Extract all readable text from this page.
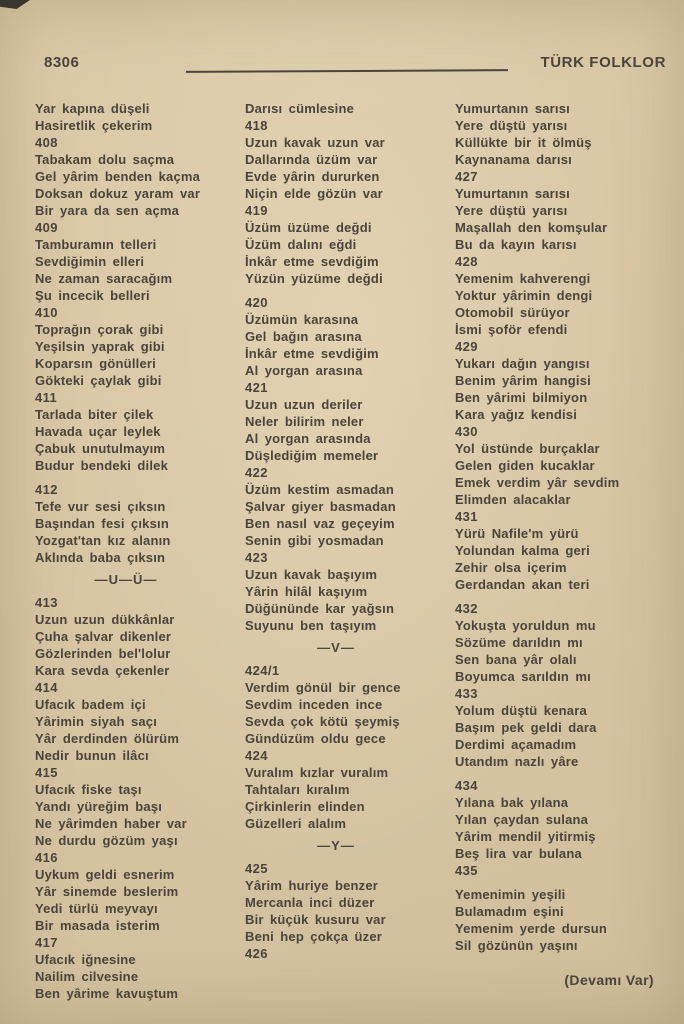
8306	TÜRK FOLKLOR
Yar kapına düşeli
Hasiretlik çekerim
408
Tabakam dolu saçma
Gel yârim benden kaçma
Doksan dokuz yaram var
Bir yara da sen açma
409
Tamburamın telleri
Sevdiğimin elleri
Ne zaman saracağım
Şu incecik belleri
410
Toprağın çorak gibi
Yeşilsin yaprak gibi
Koparsın gönülleri
Gökteki çaylak gibi
411
Tarlada biter çilek
Havada uçar leylek
Çabuk unutulmayım
Budur bendeki dilek
412
Tefe vur sesi çıksın
Başından fesi çıksın
Yozgat'tan kız alanın
Aklında baba çıksın
—U—Ü—
413
Uzun uzun dükkânlar
Çuha şalvar dikenler
Gözlerinden bel'lolur
Kara sevda çekenler
414
Ufacık badem içi
Yârimin siyah saçı
Yâr derdinden ölürüm
Nedir bunun ilâcı
415
Ufacık fiske taşı
Yandı yüreğim başı
Ne yârimden haber var
Ne durdu gözüm yaşı
416
Uykum geldi esnerim
Yâr sinemde beslerim
Yedi türlü meyvayı
Bir masada isterim
417
Ufacık iğnesine
Nailim cilvesine
Ben yârime kavuştum
Darısı cümlesine
418
Uzun kavak uzun var
Dallarında üzüm var
Evde yârin dururken
Niçin elde gözün var
419
Üzüm üzüme değdi
Üzüm dalını eğdi
İnkâr etme sevdiğim
Yüzün yüzüme değdi
420
Üzümün karasına
Gel bağın arasına
İnkâr etme sevdiğim
Al yorgan arasına
421
Uzun uzun deriler
Neler bilirim neler
Al yorgan arasında
Düşlediğim memeler
422
Üzüm kestim asmadan
Şalvar giyer basmadan
Ben nasıl vaz geçeyim
Senin gibi yosmadan
423
Uzun kavak başıyım
Yârin hilâl kaşıyım
Düğününde kar yağsın
Suyunu ben taşıyım
—V—
424/1
Verdim gönül bir gence
Sevdim inceden ince
Sevda çok kötü şeymiş
Gündüzüm oldu gece
424
Vuralım kızlar vuralım
Tahtaları kıralım
Çirkinlerin elinden
Güzelleri alalım
—Y—
425
Yârim huriye benzer
Mercanla inci düzer
Bir küçük kusuru var
Beni hep çokça üzer
426
Yumurtanın sarısı
Yere düştü yarısı
Küllükte bir it ölmüş
Kaynanama darısı
427
Yumurtanın sarısı
Yere düştü yarısı
Maşallah den komşular
Bu da kayın karısı
428
Yemenim kahverengi
Yoktur yârimin dengi
Otomobil sürüyor
İsmi şoför efendi
429
Yukarı dağın yangısı
Benim yârim hangisi
Ben yârimi bilmiyon
Kara yağız kendisi
430
Yol üstünde burçaklar
Gelen giden kucaklar
Emek verdim yâr sevdim
Elimden alacaklar
431
Yürü Nafile'm yürü
Yolundan kalma geri
Zehir olsa içerim
Gerdandan akan teri
432
Yokuşta yoruldun mu
Sözüme darıldın mı
Sen bana yâr olalı
Boyumca sarıldın mı
433
Yolum düştü kenara
Başım pek geldi dara
Derdimi açamadım
Utandım nazlı yâre
434
Yılana bak yılana
Yılan çaydan sulana
Yârim mendil yitirmiş
Beş lira var bulana
435
Yemenimin yeşili
Bulamadım eşini
Yemenim yerde dursun
Sil gözünün yaşını
(Devamı Var)
